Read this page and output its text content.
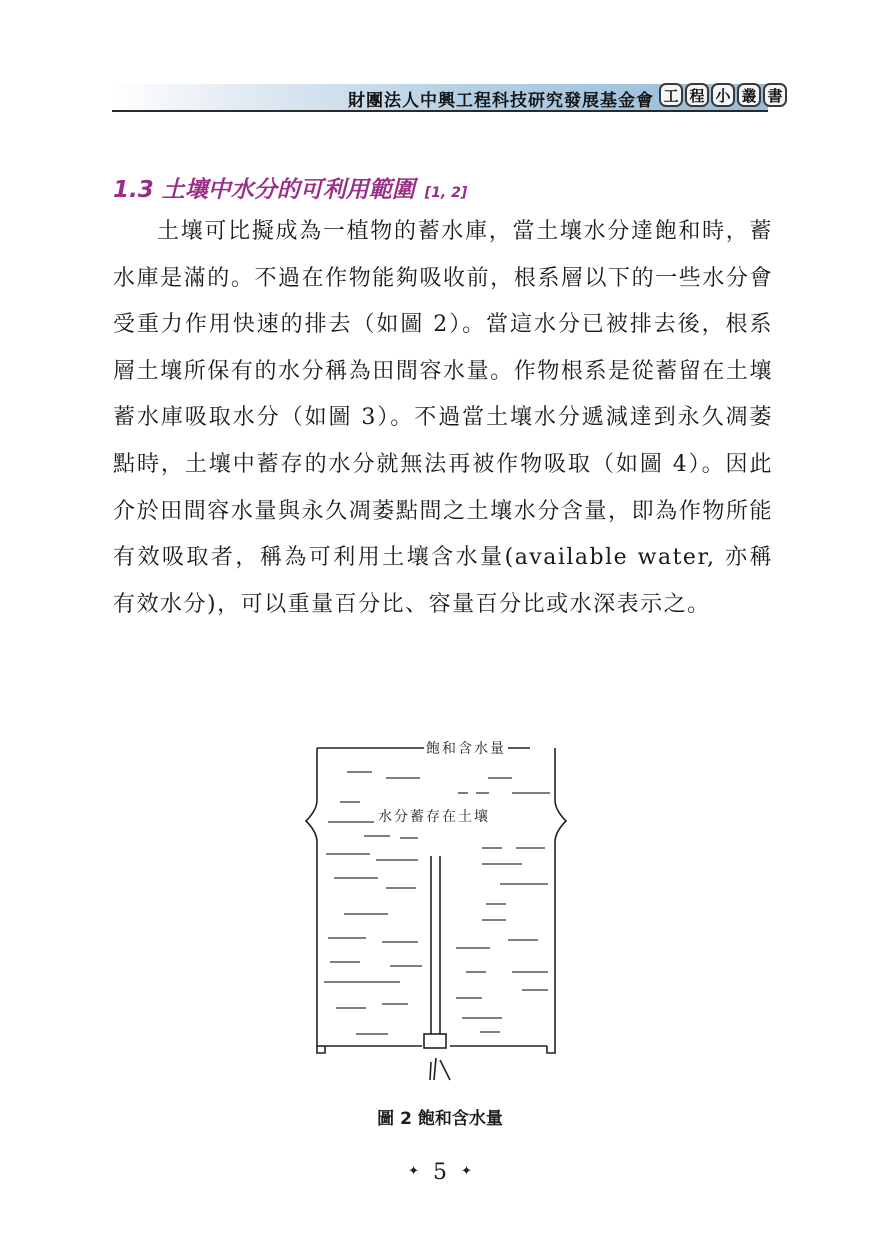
財團法人中興工程科技研究發展基金會 工 程 小 叢 書
1.3 土壤中水分的可利用範圍 [1, 2]

土壤可比擬成為一植物的蓄水庫，當土壤水分達飽和時，蓄水庫是滿的。不過在作物能夠吸收前，根系層以下的一些水分會受重力作用快速的排去（如圖 2）。當這水分已被排去後，根系層土壤所保有的水分稱為田間容水量。作物根系是從蓄留在土壤蓄水庫吸取水分（如圖 3）。不過當土壤水分遞減達到永久凋萎點時，土壤中蓄存的水分就無法再被作物吸取（如圖 4）。因此介於田間容水量與永久凋萎點間之土壤水分含量，即為作物所能有效吸取者，稱為可利用土壤含水量(available water, 亦稱有效水分)，可以重量百分比、容量百分比或水深表示之。

飽和含水量
水分蓄存在土壤
圖 2 飽和含水量
✦ 5 ✦
